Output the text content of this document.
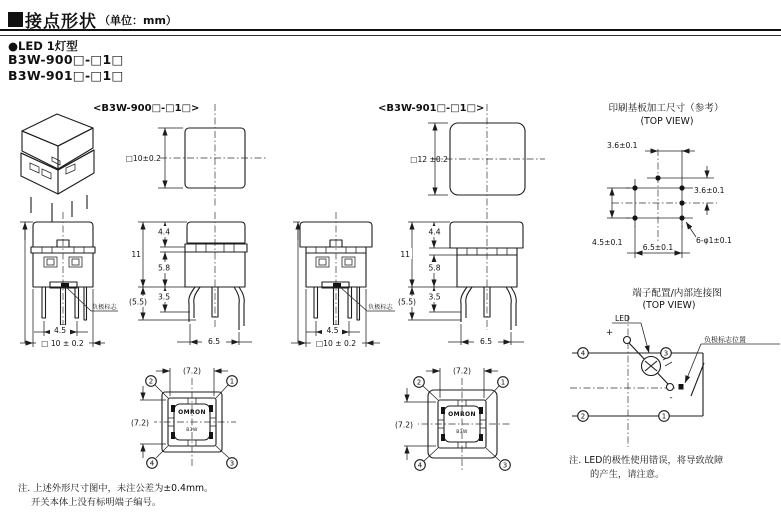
接点形状 （单位：mm）
●LED 1灯型
B3W-900□-□1□
B3W-901□-□1□
<B3W-900□-□1□>
□10±0.2
4.5
□ 10 ± 0.2
负极标志
11
(5.5)
4.4
5.8
3.5
6.5
OMRON
B3W
2	1
4	3
(7.2)
(7.2)
<B3W-901□-□1□>
□12 ±0.2
4.5
□10 ± 0.2
负极标志
11
(5.5)
4.4
5.8
3.5
6.5
OMRON
B3W
2	1
4	3
(7.2)
(7.2)
印刷基板加工尺寸（参考）
(TOP VIEW)
3.6±0.1
3.6±0.1
4.5±0.1
6.5±0.1
6-φ1±0.1
端子配置/内部连接图
(TOP VIEW)
LED
+
-
负极标志位置
4	3
2	1
注. LED的极性使用错误，将导致故障
的产生，请注意。
注. 上述外形尺寸图中，未注公差为±0.4mm。
开关本体上没有标明端子编号。
